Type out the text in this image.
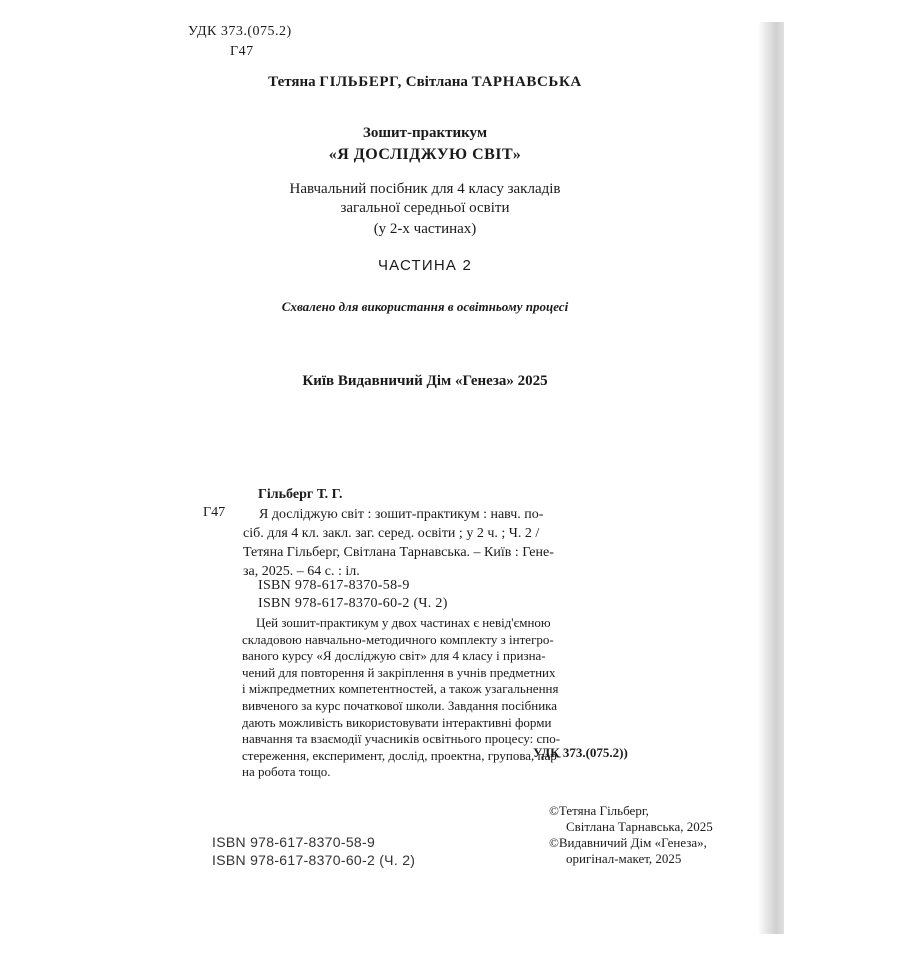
УДК 373.(075.2)
Г47
Тетяна ГІЛЬБЕРГ, Світлана ТАРНАВСЬКА
Зошит-практикум
«Я ДОСЛІДЖУЮ СВІТ»
Навчальний посібник для 4 класу закладів
загальної середньої освіти
(у 2-х частинах)
ЧАСТИНА 2
Схвалено для використання в освітньому процесі
Київ Видавничий Дім «Генеза» 2025
Гільберг Т. Г.
Г47	Я досліджую світ : зошит-практикум : навч. по-
сіб. для 4 кл. закл. заг. серед. освіти ; у 2 ч. ; Ч. 2 /
Тетяна Гільберг, Світлана Тарнавська. – Київ : Гене-
за, 2025. – 64 с. : іл.
ISBN 978-617-8370-58-9
ISBN 978-617-8370-60-2 (Ч. 2)
Цей зошит-практикум у двох частинах є невід'ємною
складовою навчально-методичного комплекту з інтегро-
ваного курсу «Я досліджую світ» для 4 класу і призна-
чений для повторення й закріплення в учнів предметних
і міжпредметних компетентностей, а також узагальнення
вивченого за курс початкової школи. Завдання посібника
дають можливість використовувати інтерактивні форми
навчання та взаємодії учасників освітнього процесу: спо-
стереження, експеримент, дослід, проектна, групова, пар-
на робота тощо.
УДК 373.(075.2))
©Тетяна Гільберг,
Світлана Тарнавська, 2025
©Видавничий Дім «Генеза»,
оригінал-макет, 2025
ISBN 978-617-8370-58-9
ISBN 978-617-8370-60-2 (Ч. 2)
